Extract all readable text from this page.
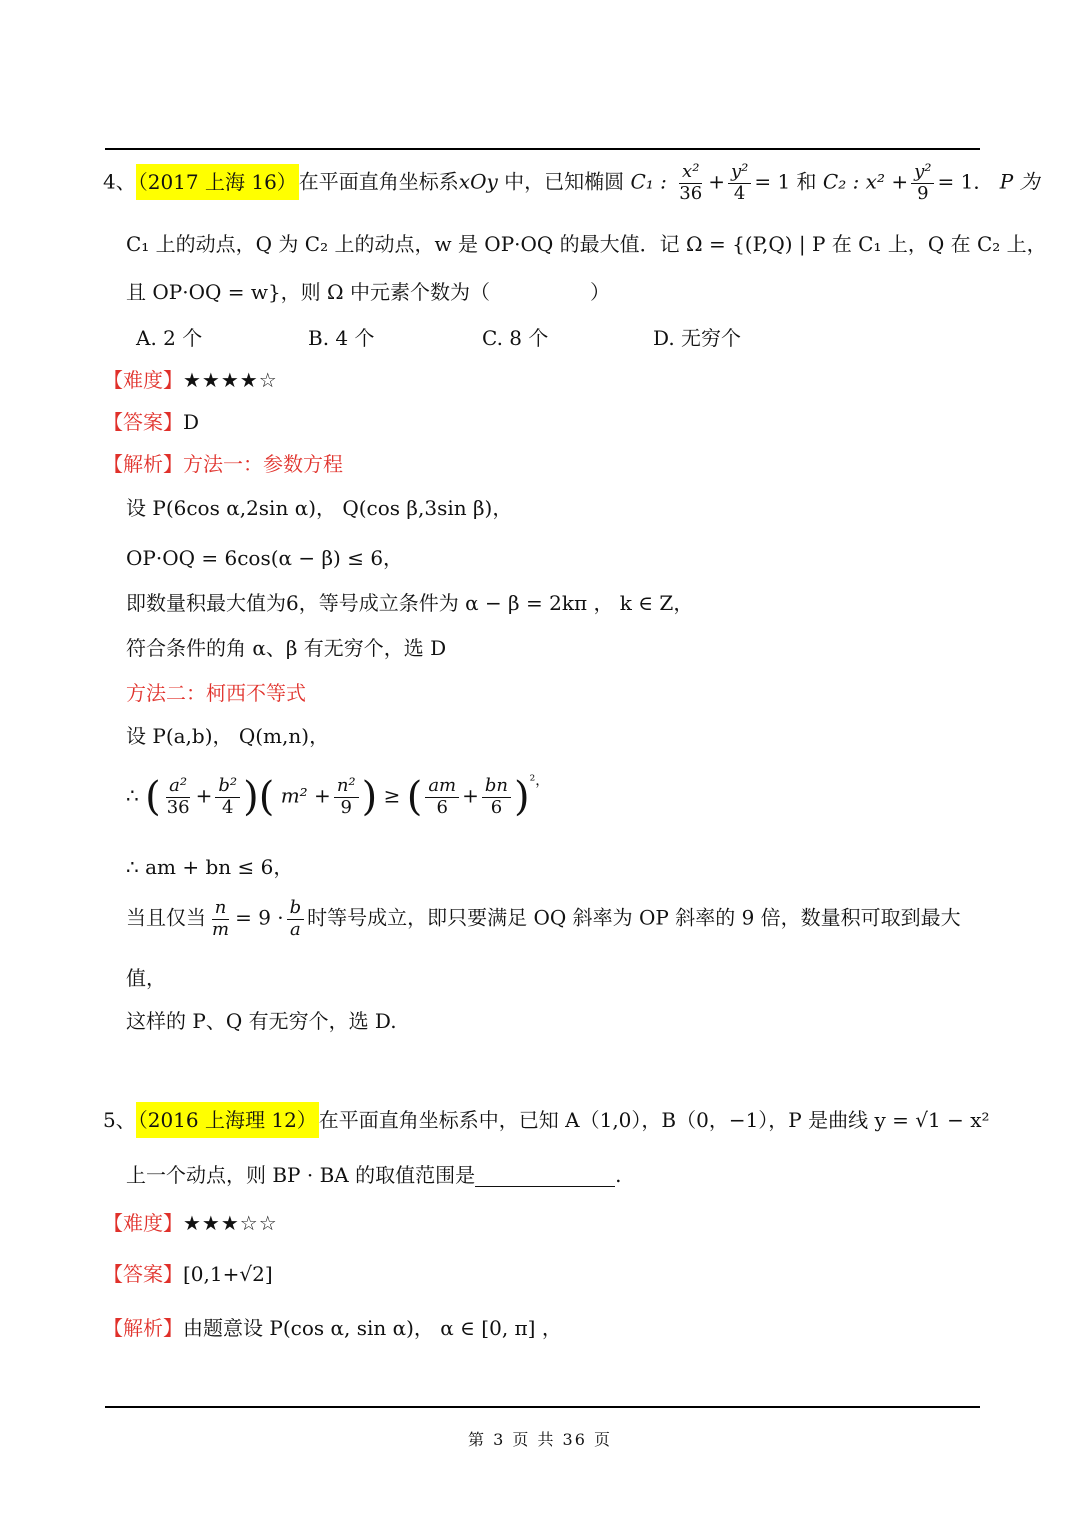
4、 （2017 上海 16） 在平面直角坐标系xOy 中，已知椭圆 C₁ : $\frac{\text{x²}}{36} + \frac{\text{y²}}{4} = 1$ 和 C₂ : $x^2 + \frac{\text{y²}}{9} = 1$． P 为
C₁ 上的动点，Q 为 C₂ 上的动点，w 是 OP·OQ 的最大值．记 Ω = {(P,Q) | P 在 C₁ 上，Q 在 C₂ 上，
且 OP·OQ = w}，则 Ω 中元素个数为（　　　　　）
A. 2 个	B. 4 个	C. 8 个	D. 无穷个
【难度】★★★★☆
【答案】D
【解析】方法一：参数方程
设 P(6cos α,2sin α)， Q(cos β,3sin β)，
OP·OQ = 6cos(α − β) ≤ 6，
即数量积最大值为6，等号成立条件为 α − β = 2kπ ， k ∈ Z，
符合条件的角 α、β 有无穷个，选 D
方法二：柯西不等式
设 P(a,b)， Q(m,n)，
∴ ( $\frac{\text{a²}}{36} + \frac{\text{b²}}{4}$ )( $m^2 + \frac{\text{n²}}{9}$ ) ≥ ( $\frac{am}{6} + \frac{bn}{6} )^{^2,}$
∴ am + bn ≤ 6，
当且仅当 $\frac{n}{m} = 9 \cdot \frac{b}{a}$ 时等号成立，即只要满足 OQ 斜率为 OP 斜率的 9 倍，数量积可取到最大
值，
这样的 P、Q 有无穷个，选 D.
5、 （2016 上海理 12） 在平面直角坐标系中，已知 A（1,0），B（0，−1），P 是曲线 y = √1 − x²
上一个动点，则 BP · BA 的取值范围是	.
【难度】★★★☆☆
【答案】[0,1+√2]
【解析】由题意设 P(cos α, sin α)， α ∈ [0, π] ，
第 3 页 共 36 页
